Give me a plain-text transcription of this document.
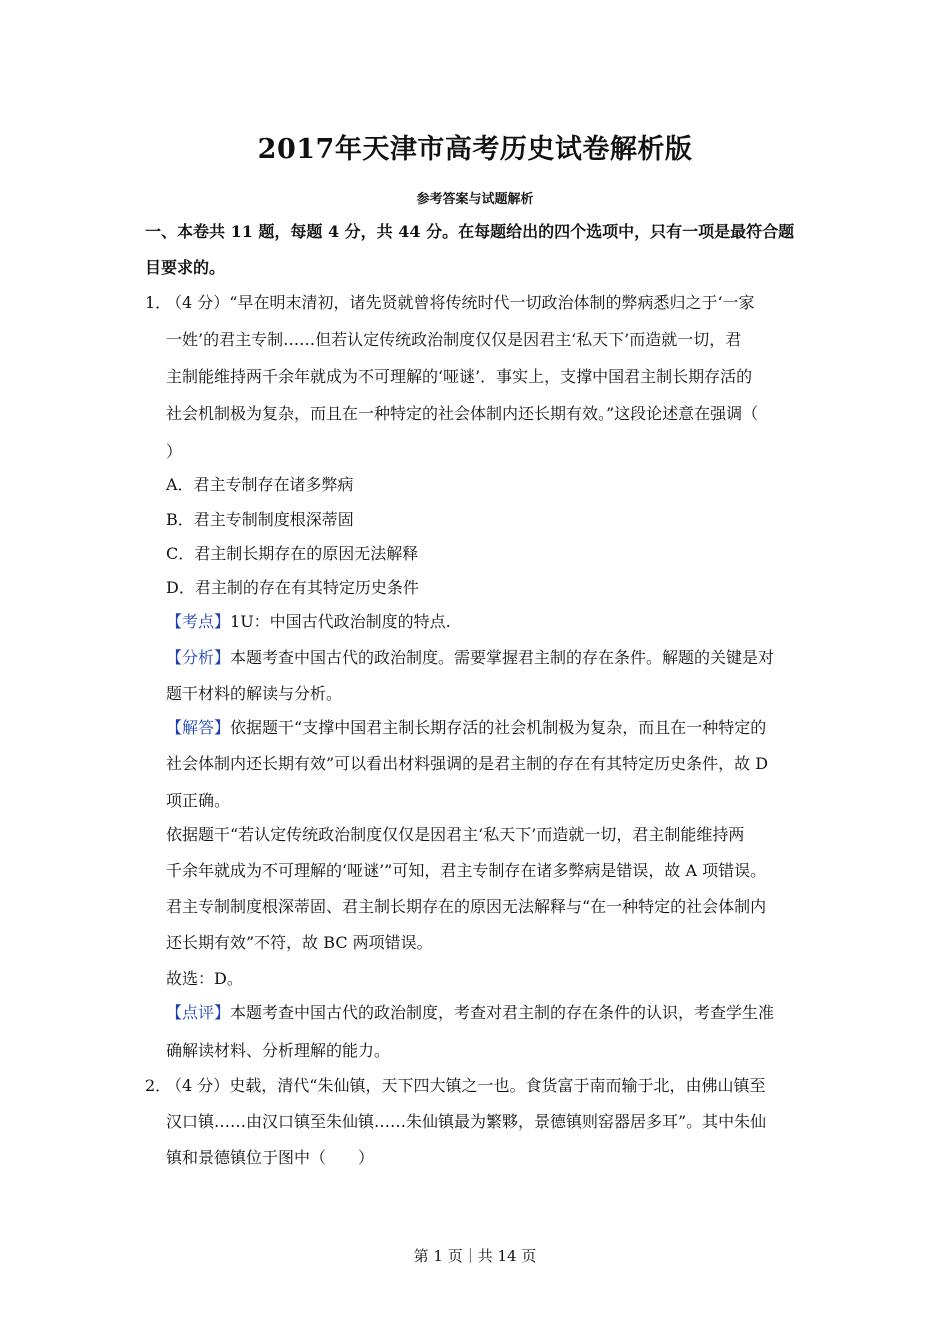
2017年天津市高考历史试卷解析版
参考答案与试题解析
一、本卷共 11 题，每题 4 分，共 44 分。在每题给出的四个选项中，只有一项是最符合题
目要求的。
1．
（4 分）“早在明末清初，诸先贤就曾将传统时代一切政治体制的弊病悉归之于‘一家
一姓’的君主专制……但若认定传统政治制度仅仅是因君主‘私天下’而造就一切，君
主制能维持两千余年就成为不可理解的‘哑谜’．事实上，支撑中国君主制长期存活的
社会机制极为复杂，而且在一种特定的社会体制内还长期有效。”这段论述意在强调（
）
A．君主专制存在诸多弊病
B．君主专制制度根深蒂固
C．君主制长期存在的原因无法解释
D．君主制的存在有其特定历史条件
【考点】1U：中国古代政治制度的特点.
【分析】本题考查中国古代的政治制度。需要掌握君主制的存在条件。解题的关键是对
题干材料的解读与分析。
【解答】依据题干“支撑中国君主制长期存活的社会机制极为复杂，而且在一种特定的
社会体制内还长期有效”可以看出材料强调的是君主制的存在有其特定历史条件，故 D
项正确。
依据题干“若认定传统政治制度仅仅是因君主‘私天下’而造就一切，君主制能维持两
千余年就成为不可理解的‘哑谜’”可知，君主专制存在诸多弊病是错误，故 A 项错误。
君主专制制度根深蒂固、君主制长期存在的原因无法解释与“在一种特定的社会体制内
还长期有效”不符，故 BC 两项错误。
故选：D。
【点评】本题考查中国古代的政治制度，考查对君主制的存在条件的认识，考查学生准
确解读材料、分析理解的能力。
2．
（4 分）史载，清代“朱仙镇，天下四大镇之一也。食货富于南而输于北，由佛山镇至
汉口镇……由汉口镇至朱仙镇……朱仙镇最为繁夥，景德镇则窑器居多耳”。其中朱仙
镇和景德镇位于图中（　　）
第 1 页｜共 14 页
